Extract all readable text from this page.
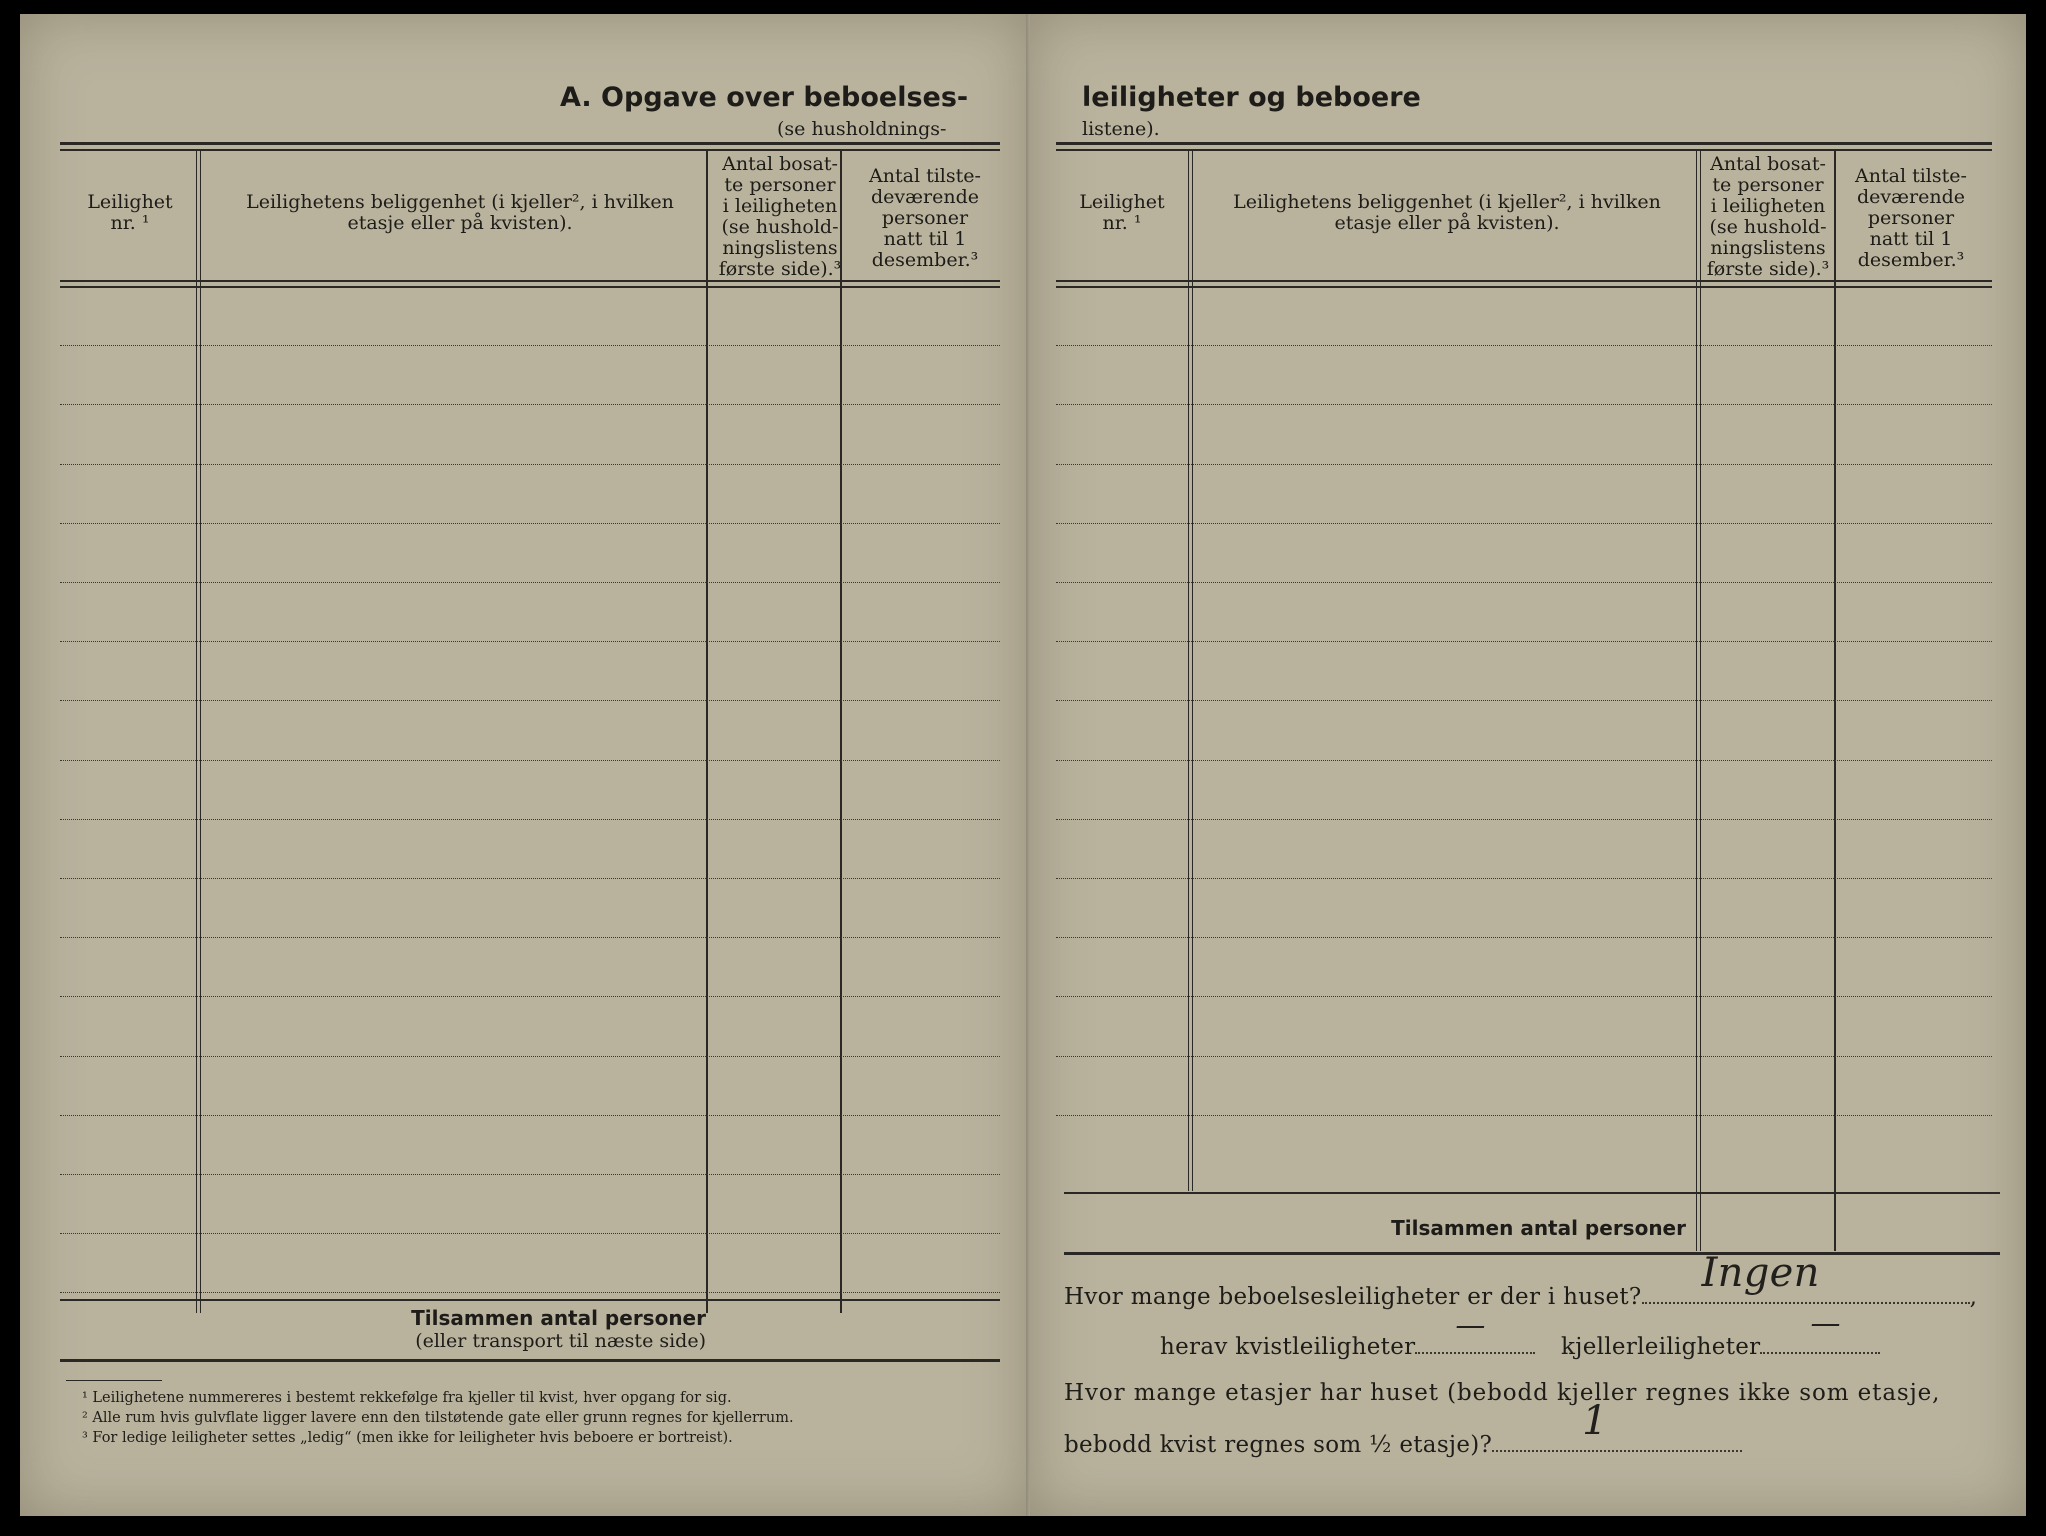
A. Opgave over beboelses-
(se husholdnings-
Leilighet
nr. ¹
Leilighetens beliggenhet (i kjeller², i hvilken
etasje eller på kvisten).
Antal bosat-
te personer
i leiligheten
(se hushold-
ningslistens
første side).³
Antal tilste-
deværende
personer
natt til 1
desember.³
Tilsammen antal personer
(eller transport til næste side)
¹ Leilighetene nummereres i bestemt rekkefølge fra kjeller til kvist, hver opgang for sig.
² Alle rum hvis gulvflate ligger lavere enn den tilstøtende gate eller grunn regnes for kjellerrum.
³ For ledige leiligheter settes „ledig“ (men ikke for leiligheter hvis beboere er bortreist).
leiligheter og beboere
listene).
Leilighet
nr. ¹
Leilighetens beliggenhet (i kjeller², i hvilken
etasje eller på kvisten).
Antal bosat-
te personer
i leiligheten
(se hushold-
ningslistens
første side).³
Antal tilste-
deværende
personer
natt til 1
desember.³
Tilsammen antal personer
Hvor mange beboelsesleiligheter er der i huset?
Ingen
,
herav kvistleiligheter
—
kjellerleiligheter
—
Hvor mange etasjer har huset (bebodd kjeller regnes ikke som etasje,
bebodd kvist regnes som ½ etasje)?
1
